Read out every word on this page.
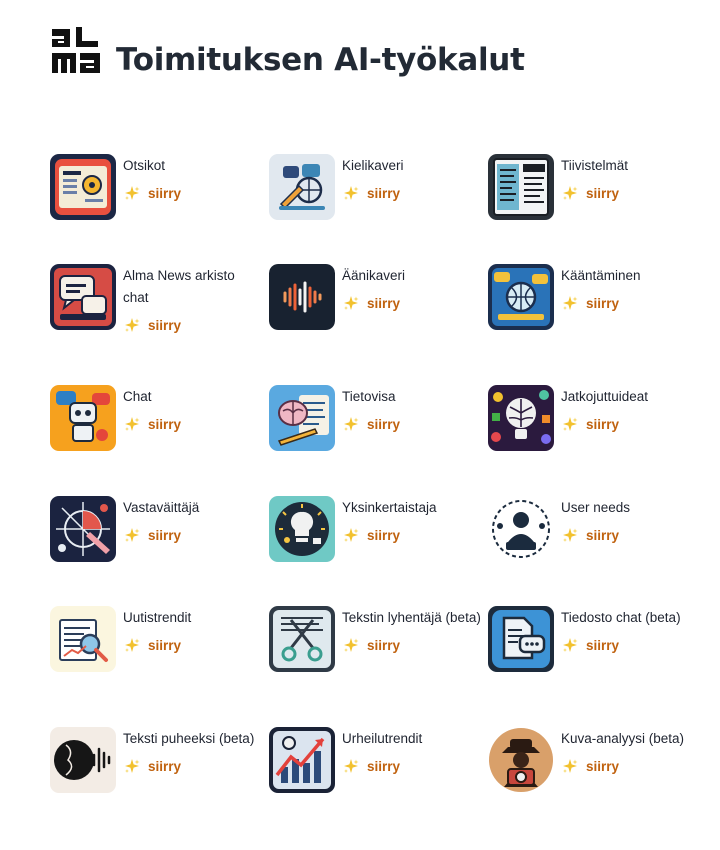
Toimituksen AI-työkalut
Otsikot
siirry
Kielikaveri
siirry
Tiivistelmät
siirry
Alma News arkisto chat
siirry
Äänikaveri
siirry
Kääntäminen
siirry
Chat
siirry
Tietovisa
siirry
Jatkojuttuideat
siirry
Vastaväittäjä
siirry
Yksinkertaistaja
siirry
User needs
siirry
Uutistrendit
siirry
Tekstin lyhentäjä (beta)
siirry
Tiedosto chat (beta)
siirry
Teksti puheeksi (beta)
siirry
Urheilutrendit
siirry
Kuva-analyysi (beta)
siirry
